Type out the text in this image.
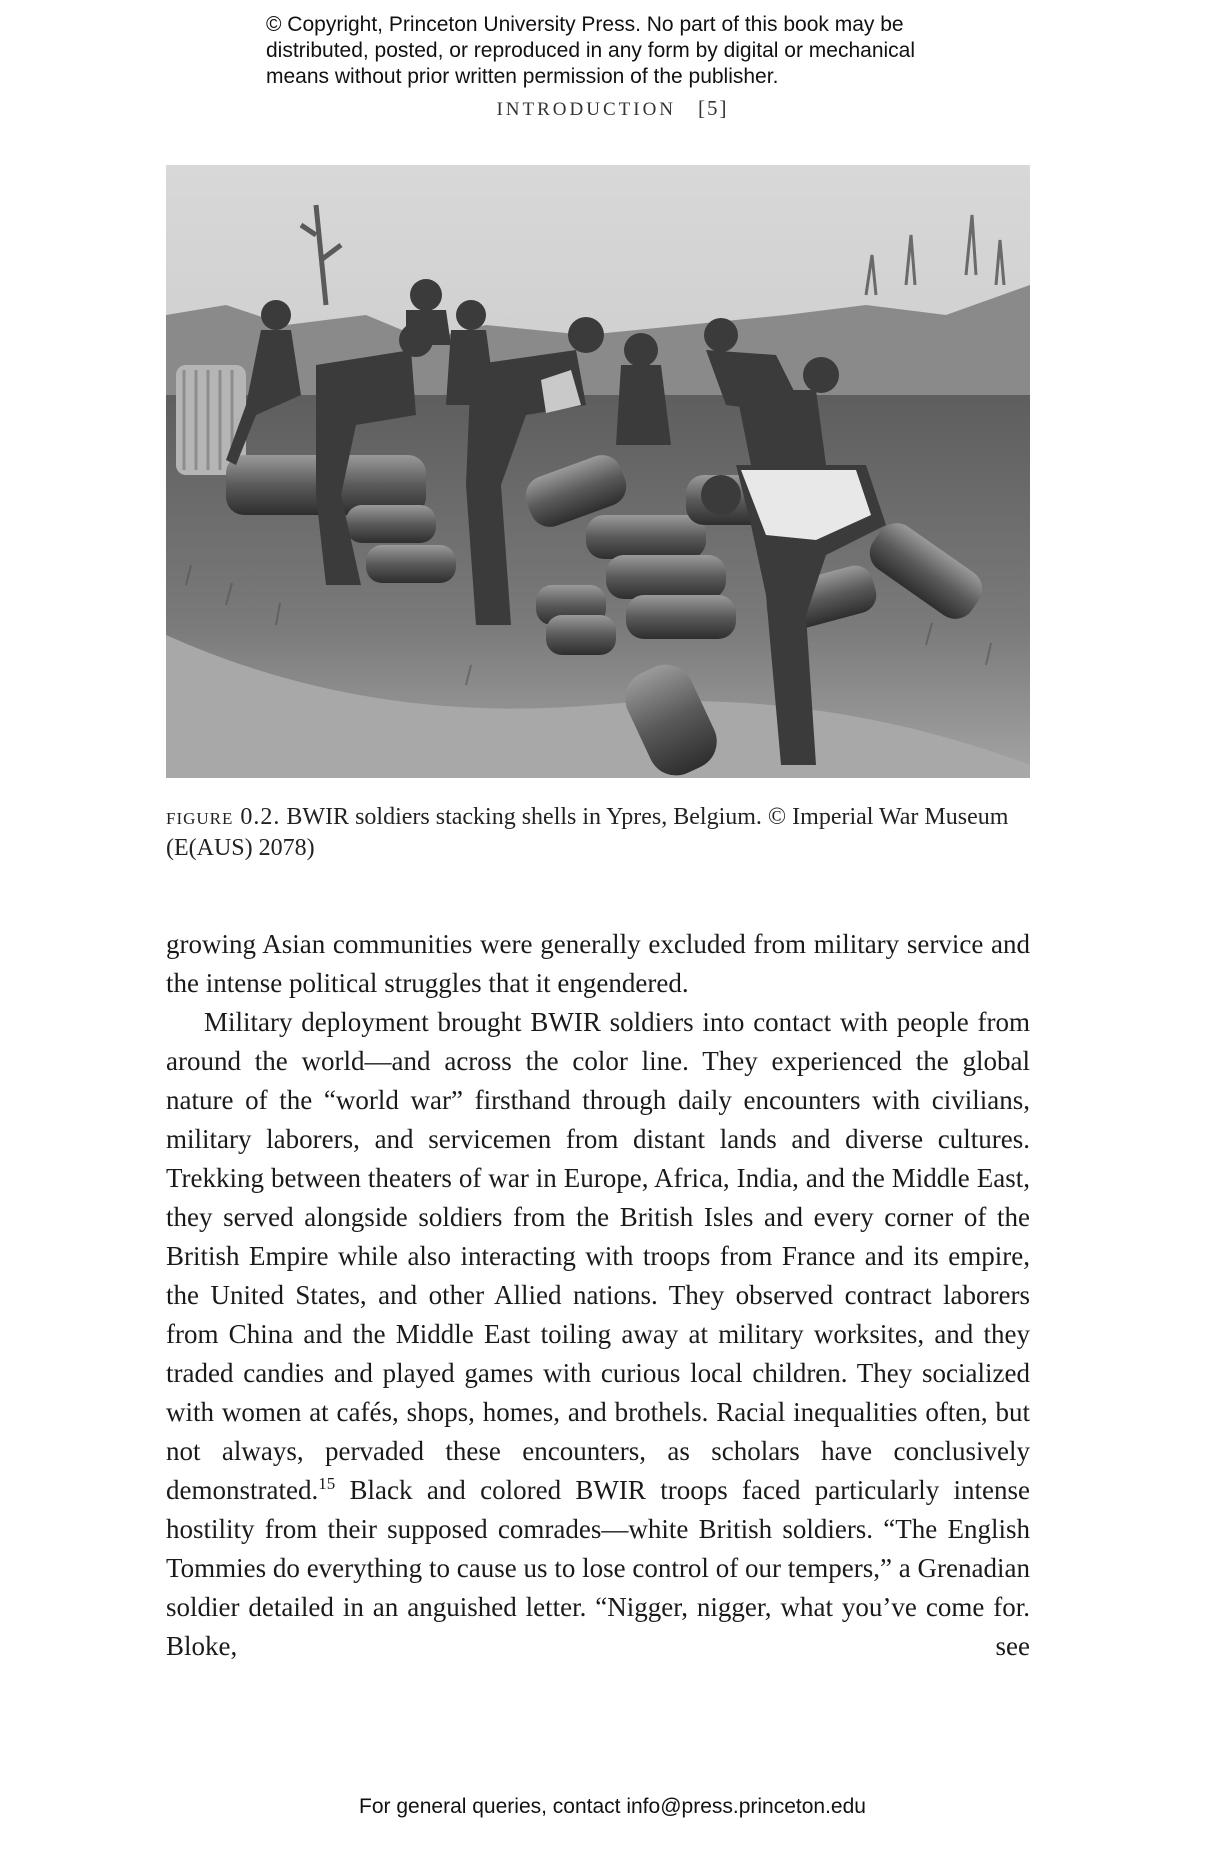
© Copyright, Princeton University Press. No part of this book may be
distributed, posted, or reproduced in any form by digital or mechanical
means without prior written permission of the publisher.
INTRODUCTION [5]
figure 0.2. BWIR soldiers stacking shells in Ypres, Belgium. © Imperial War Museum (E(AUS) 2078)

growing Asian communities were generally excluded from military service and the intense political struggles that it engendered.

Military deployment brought BWIR soldiers into contact with people from around the world—and across the color line. They experienced the global nature of the “world war” firsthand through daily encounters with civilians, military laborers, and servicemen from distant lands and diverse cultures. Trekking between theaters of war in Europe, Africa, India, and the Middle East, they served alongside soldiers from the British Isles and every corner of the British Empire while also interacting with troops from France and its empire, the United States, and other Allied nations. They observed contract laborers from China and the Middle East toiling away at military worksites, and they traded candies and played games with curious local children. They socialized with women at cafés, shops, homes, and brothels. Racial inequalities often, but not always, pervaded these encounters, as scholars have conclusively demonstrated.$^{15}$ Black and colored BWIR troops faced particularly intense hostility from their supposed comrades—white British soldiers. “The English Tommies do everything to cause us to lose control of our tempers,” a Grenadian soldier detailed in an anguished letter. “Nigger, nigger, what you’ve come for. Bloke, see

For general queries, contact info@press.princeton.edu
